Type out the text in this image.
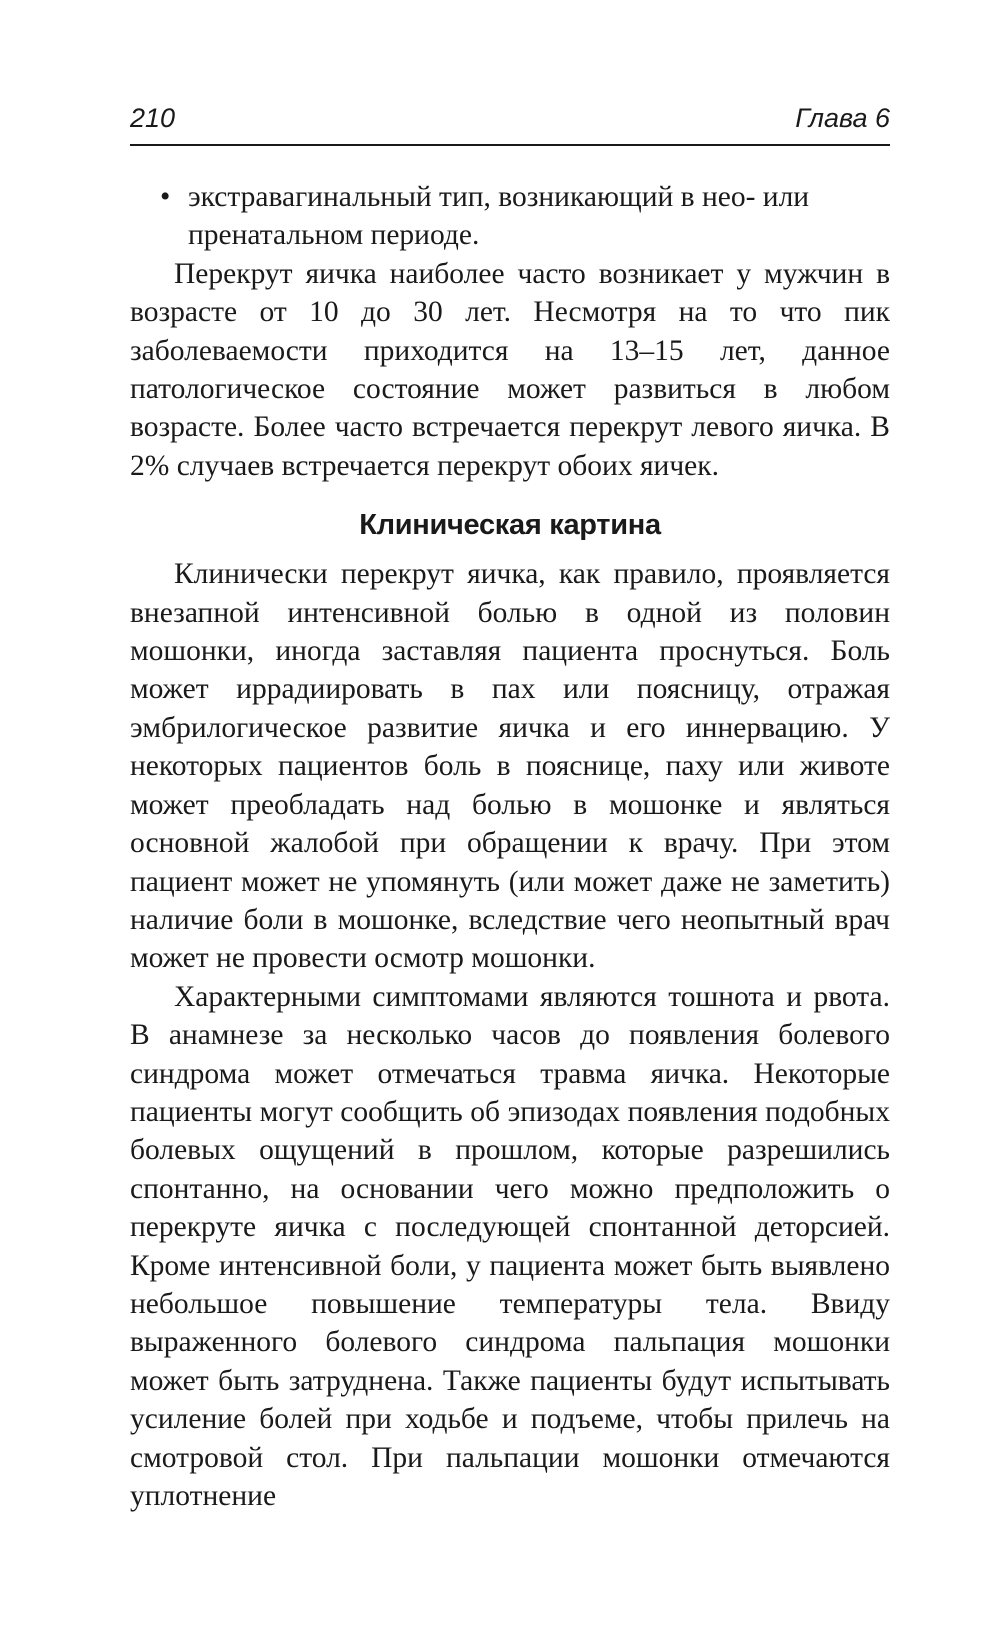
210	Глава 6
• экстравагинальный тип, возникающий в нео- или пренатальном периоде.

Перекрут яичка наиболее часто возникает у мужчин в возрасте от 10 до 30 лет. Несмотря на то что пик заболеваемости приходится на 13–15 лет, данное патологическое состояние может развиться в любом возрасте. Более часто встречается перекрут левого яичка. В 2% случаев встречается перекрут обоих яичек.

Клиническая картина

Клинически перекрут яичка, как правило, проявляется внезапной интенсивной болью в одной из половин мошонки, иногда заставляя пациента проснуться. Боль может иррадиировать в пах или поясницу, отражая эмбрилогическое развитие яичка и его иннервацию. У некоторых пациентов боль в пояснице, паху или животе может преобладать над болью в мошонке и являться основной жалобой при обращении к врачу. При этом пациент может не упомянуть (или может даже не заметить) наличие боли в мошонке, вследствие чего неопытный врач может не провести осмотр мошонки.

Характерными симптомами являются тошнота и рвота. В анамнезе за несколько часов до появления болевого синдрома может отмечаться травма яичка. Некоторые пациенты могут сообщить об эпизодах появления подобных болевых ощущений в прошлом, которые разрешились спонтанно, на основании чего можно предположить о перекруте яичка с последующей спонтанной деторсией. Кроме интенсивной боли, у пациента может быть выявлено небольшое повышение температуры тела. Ввиду выраженного болевого синдрома пальпация мошонки может быть затруднена. Также пациенты будут испытывать усиление болей при ходьбе и подъеме, чтобы прилечь на смотровой стол. При пальпации мошонки отмечаются уплотнение
